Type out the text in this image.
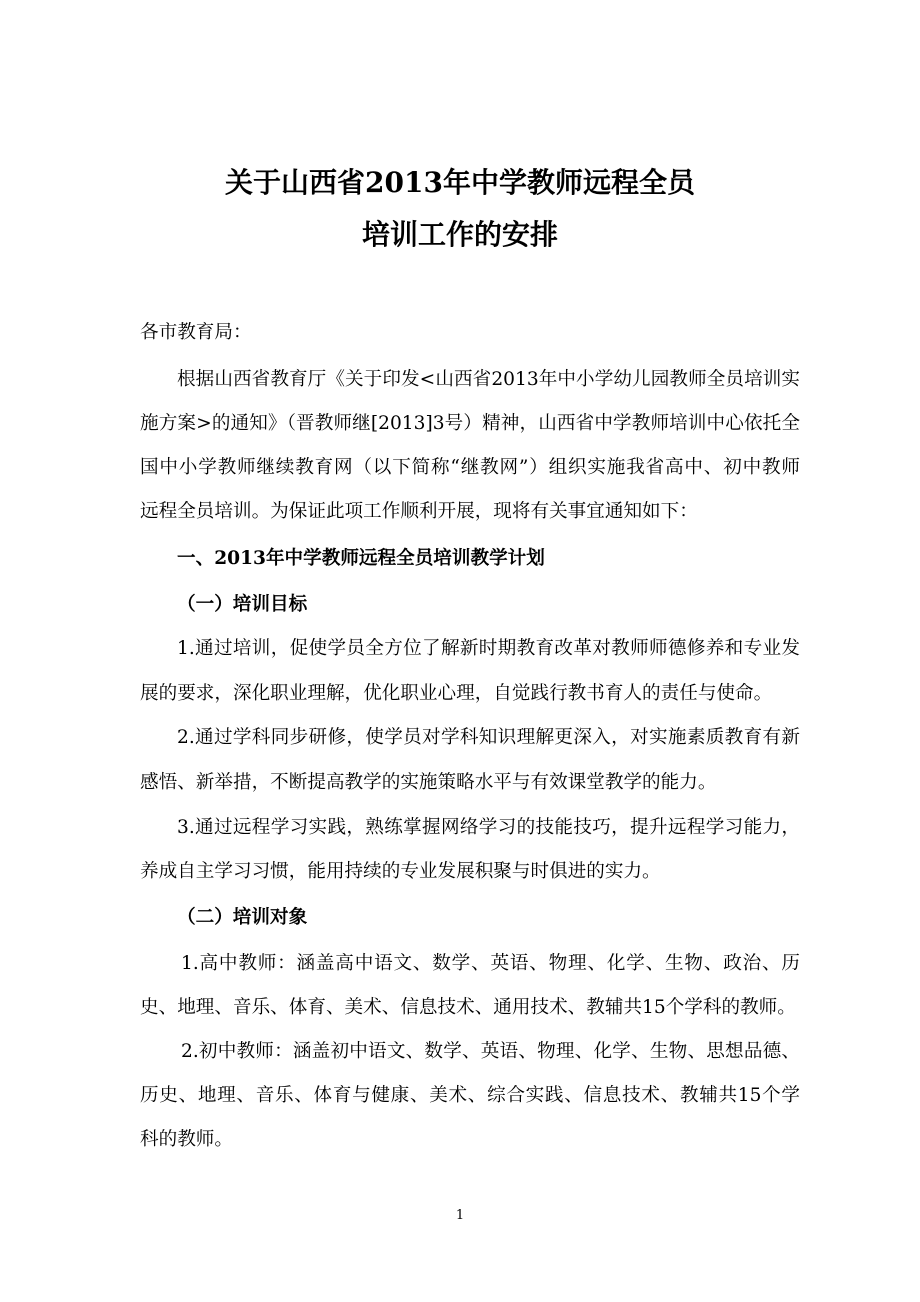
关于山西省2013年中学教师远程全员
培训工作的安排
各市教育局：
根据山西省教育厅《关于印发<山西省2013年中小学幼儿园教师全员培训实
施方案>的通知》（晋教师继[2013]3号）精神，山西省中学教师培训中心依托全
国中小学教师继续教育网（以下简称“继教网”）组织实施我省高中、初中教师
远程全员培训。为保证此项工作顺利开展，现将有关事宜通知如下：
一、2013年中学教师远程全员培训教学计划
（一）培训目标
1.通过培训，促使学员全方位了解新时期教育改革对教师师德修养和专业发
展的要求，深化职业理解，优化职业心理，自觉践行教书育人的责任与使命。
2.通过学科同步研修，使学员对学科知识理解更深入，对实施素质教育有新
感悟、新举措，不断提高教学的实施策略水平与有效课堂教学的能力。
3.通过远程学习实践，熟练掌握网络学习的技能技巧，提升远程学习能力，
养成自主学习习惯，能用持续的专业发展积聚与时俱进的实力。
（二）培训对象
1.高中教师：涵盖高中语文、数学、英语、物理、化学、生物、政治、历
史、地理、音乐、体育、美术、信息技术、通用技术、教辅共15个学科的教师。
2.初中教师：涵盖初中语文、数学、英语、物理、化学、生物、思想品德、
历史、地理、音乐、体育与健康、美术、综合实践、信息技术、教辅共15个学
科的教师。
1
